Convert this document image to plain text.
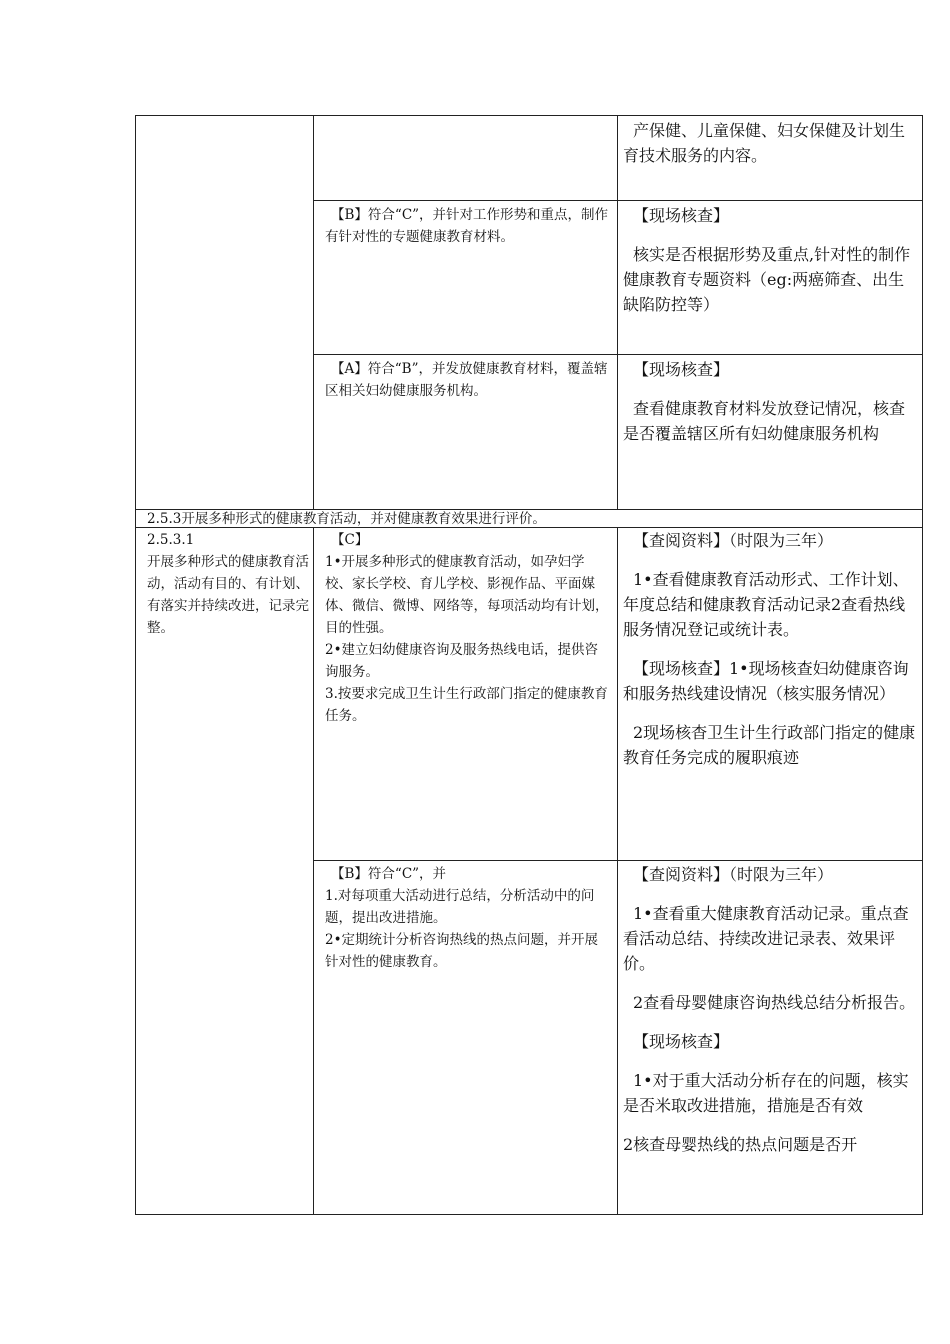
产保健、儿童保健、妇女保健及计划生育技术服务的内容。

【B】符合“C”，并针对工作形势和重点，制作有针对性的专题健康教育材料。

【现场核查】

核实是否根据形势及重点,针对性的制作健康教育专题资料（eg:两癌筛查、出生缺陷防控等）

【A】符合“B”，并发放健康教育材料，覆盖辖区相关妇幼健康服务机构。

【现场核查】

查看健康教育材料发放登记情况，核查是否覆盖辖区所有妇幼健康服务机构

2.5.3开展多种形式的健康教育活动，并对健康教育效果进行评价。

2.5.3.1

开展多种形式的健康教育活动，活动有目的、有计划、有落实并持续改进，记录完整。

【C】

1•开展多种形式的健康教育活动，如孕妇学校、家长学校、育儿学校、影视作品、平面媒体、微信、微博、网络等，每项活动均有计划，目的性强。

2•建立妇幼健康咨询及服务热线电话，提供咨询服务。

3.按要求完成卫生计生行政部门指定的健康教育任务。

【查阅资料】（时限为三年）

1•查看健康教育活动形式、工作计划、年度总结和健康教育活动记录2查看热线服务情况登记或统计表。

【现场核查】1•现场核查妇幼健康咨询和服务热线建设情况（核实服务情况）

2现场核杳卫生计生行政部门指定的健康教育任务完成的履职痕迹

【B】符合“C”，并

1.对每项重大活动进行总结，分析活动中的问题，提出改进措施。

2•定期统计分析咨询热线的热点问题，并开展针对性的健康教育。

【查阅资料】（时限为三年）

1•查看重大健康教育活动记录。重点查看活动总结、持续改进记录表、效果评价。

2查看母婴健康咨询热线总结分析报告。

【现场核查】

1•对于重大活动分析存在的问题，核实是否米取改进措施，措施是否有效

2核查母婴热线的热点问题是否开
